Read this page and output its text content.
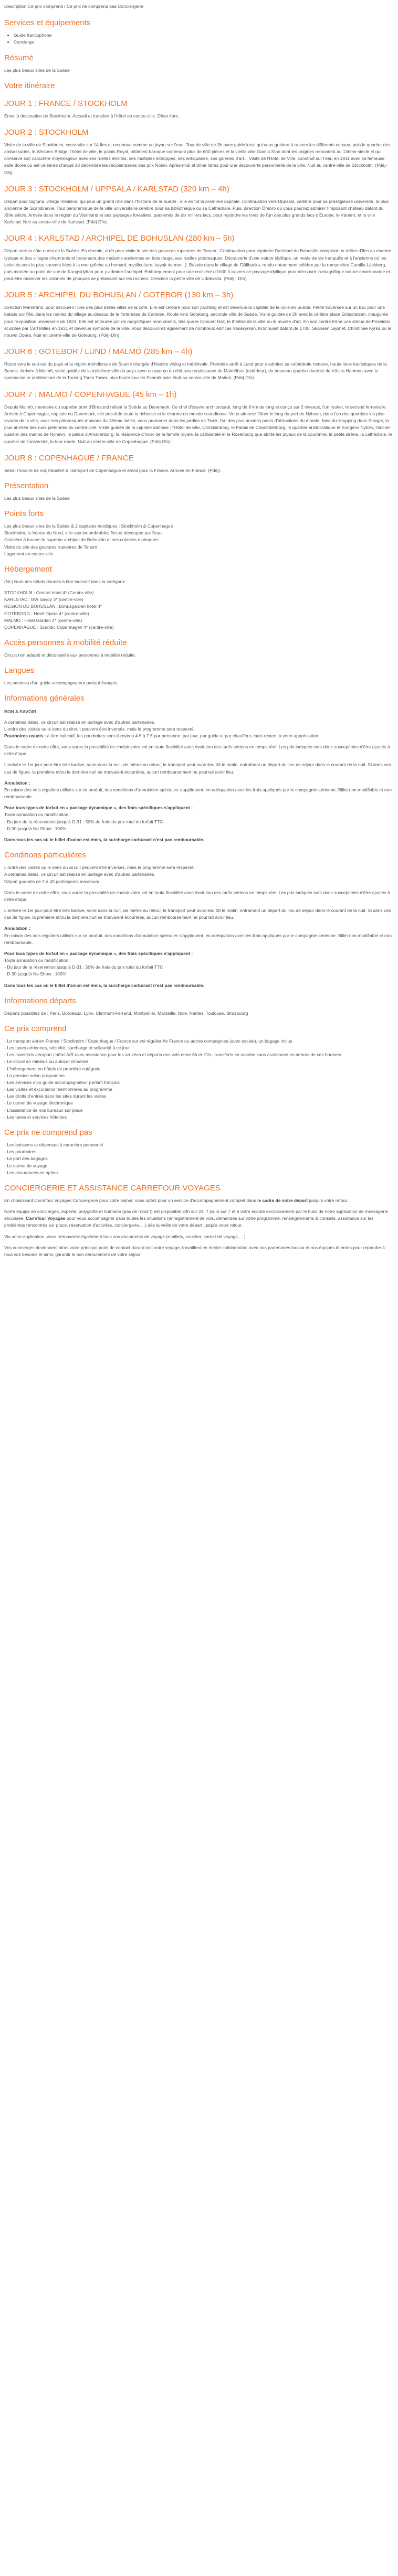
Description Ce prix comprend / Ce prix ne comprend pas Conciergerie

Services et équipements
• Guide francophone
• Concierge
Résumé

Les plus beaux sites de la Suède

Votre itinéraire
JOUR 1 : FRANCE / STOCKHOLM

Envol à destination de Stockholm. Accueil et transfert à l'hôtel en centre-ville. Dîner libre.

JOUR 2 : STOCKHOLM

Visite de la ville de Stockholm, construite sur 14 îles et reconnue comme un joyau sur l'eau. Tour de ville de 3h avec guide local qui vous guidera à travers les différents canaux, puis le quartier des ambassades, le Western Bridge, l'hôtel de ville, le palais Royal, bâtiment baroque contenant plus de 600 pièces et la vieille ville Gamla Stan dont les origines remontent au 13ème siècle et qui conserve son caractère moyenâgeux avec ses ruelles étroites, ses multiples échoppes, ses antiquaires, ses galeries d'art... Visite de l'Hôtel de Ville, construit sur l'eau en 1911 avec sa fameuse salle dorée où est célébrée chaque 10 décembre les récipiendaires des prix Nobel. Après-midi et dîner libres pour une découverte personnelle de la ville. Nuit au centre-ville de Stockholm. (Pdéj-Déj).

JOUR 3 : STOCKHOLM / UPPSALA / KARLSTAD (320 km – 4h)

Départ pour Sigtuna, village médiéval qui joua un grand rôle dans l'histoire de la Suède : elle en fut la première capitale. Continuation vers Uppsala, célèbre pour sa prestigieuse université, la plus ancienne de Scandinavie. Tour panoramique de la ville universitaire célèbre pour sa bibliothèque ou sa Cathédrale. Puis, direction Örebro où vous pourrez admirer l'imposant château datant du XIIIe siècle. Arrivée dans la région du Värmland et ses paysages forestiers, parsemés de dix milliers lacs, pour rejoindre les rives de l'un des plus grands lacs d'Europe, le Vänern, et la ville Karlstad. Nuit au centre-ville de Karlstad. (Pdéj-Dîn).

JOUR 4 : KARLSTAD / ARCHIPEL DE BOHUSLAN (280 km – 5h)

Départ vers la côte ouest de la Suède. En chemin, arrêt pour visite le site des gravures rupestres de Tanum . Continuation pour rejoindre l'archipel du Bohuslän comptant un millier d'îles au charme typique et des villages charmants et traversera des maisons anciennes en bois rouge, aux ruelles pittoresques. Découverte d'une nature idyllique, un mode de vie tranquille et à l'ancienne où les activités sont le plus souvent liées à la mer (pêche au homard, mytiliculture, kayak de mer...). Balade dans le village de Fjällbacka, rendu notamment célèbre par la romancière Camilla Läckberg, puis montée au point de vue de Kungsklyftan pour y admirer l'archipel. Embarquement pour une croisière d'1h00 à travers ce paysage idyllique pour découvrir la magnifique nature environnante et peut-être observer les colonies de phoques se prélassant sur les rochers. Direction la petite ville de Uddevalla. (Pdéj - Dîn).

JOUR 5 : ARCHIPEL DU BOHUSLAN / GOTEBOR (130 km – 3h)

Direction Marstrand, pour découvrir l'une des plus belles villes de la côte. Elle est célèbre pour son yachting et est devenue la capitale de la voile en Suède. Petite traversée sur un bac pour une balade sur l'île, dans les ruelles du village au-dessus de la forteresse de Carlsten. Route vers Göteborg, seconde ville de Suède. Visite guidée de 2h avec la célèbre place Götaplatsen, inaugurée pour l'exposition universelle de 1923. Elle est entourée par de magnifiques monuments, tels que le Concert Hall, le théâtre de la ville ou le musée d'art. En son centre trône une statue de Poséidon sculptée par Carl Milles en 1931 et devenue symbole de la ville. Vous découvrirez également de nombreux édifices Vasakyrkan, Kronhuset datant de 1700, Skansen Lejonet, Christinae Kyrka ou le nouvel Opéra. Nuit en centre-ville de Göteborg. (Pdéj-Dîn).

JOUR 6 : GOTEBOR / LUND / MALMÖ (285 km – 4h)

Route vers le sud-est du pays et la région méridionale de Scanie chargée d'histoire viking et médiévale. Première arrêt à Lund pour y admirer sa cathédrale romane, hauts-lieux touristiques de la Scanie. Arrivée à Malmö, visite guidée de la troisième ville du pays avec un aperçu du château renaissance de Malmöhus (extérieur), du nouveau quartier durable de Västra Hamnen avec le spectaculaire architecture de la Turning Torso Tower, plus haute tour de Scandinavie. Nuit au centre-ville de Malmö. (Pdéj-Dîn).

JOUR 7 : MALMO / COPENHAGUE (45 km – 1h)

Depuis Malmö, traversée du superbe pont d'Øresund reliant la Suède au Danemark. Ce chef d'œuvre architectural, long de 8 km de long et conçu sur 2 niveaux, l'un routier, le second ferroviaire. Arrivée à Copenhague, capitale du Danemark, elle possède toute la richesse et le charme du monde scandinave. Vous aimerez flâner le long du port de Nyhavn, dans l'un des quartiers les plus vivants de la ville, avec ses pittoresques maisons du 18ème siècle, vous promener dans les jardins de Tivoli, l'un des plus anciens parcs d'attractions du monde, faire du shopping dans Strøget, la plus animée des rues piétonnes du centre-ville. Visite guidée de la capitale danoise : l'Hôtel de ville, Christianborg, le Palais de Charlottenborg, le quartier aristocratique et Kongens Nytorv, l'ancien quartier des marins de Nyhavn, le palais d'Amalienborg, la résidence d'hiver de la famille royale, la cathédrale et le Rosenborg que abrite les joyaux de la couronne, la petite sirène, la cathédrale, le quartier de l'université, la tour ronde. Nuit au centre-ville de Copenhague. (Pdéj-Dîn).

JOUR 8 : COPENHAGUE / FRANCE

Selon l'horaire de vol, transfert à l'aéroport de Copenhague et envol pour la France. Arrivée en France. (Pdéj).

Présentation

Les plus beaux sites de la Suède

Points forts

Les plus beaux sites de la Suède & 2 capitales nordiques : Stockholm & Copenhague
Stockholm, la Venise du Nord, ville aux innombrables îles et découpée par l'eau
Croisière à travers le superbe archipel de Bohuslän et ses colonies e phoques
Visite du site des gravures rupestres de Tanum
Logement en centre-ville

Hébergement

(NL) Nom des hôtels donnés à titre indicatif dans la catégorie :

STOCKHOLM : Central hotel 4* (Centre-ville)
KARLSTAD : BW Savoy 3* (centre-ville)
REGION DU BOHUSLAN : Bohusgarden hotel 4*
GOTEBORG : Hotel Opera 4* (centre-ville)
MALMO : Hotel Garden 4* (centre-ville)
COPENHAGUE : Scandic Copenhagen 4* (centre-ville)

Accès personnes à mobilité réduite

Circuit non adapté et déconseillé aux personnes à mobilité réduite.

Langues

Les services d'un guide accompagnateur parlant français

Informations générales

BON A SAVOIR

A certaines dates, ce circuit est réalisé en partage avec d'autres partenaires.
L'ordre des visites ou le sens du circuit peuvent être inversés, mais le programme sera respecté.
Pourboires usuels : à titre indicatif, les pourboires sont d'environ 4 € à 7 € par personne, par jour, par guide et par chauffeur, mais restent à votre appréciation.

Dans le cadre de cette offre, vous aurez la possibilité de choisir votre vol en toute flexibilité avec évolution des tarifs aériens en temps réel. Les prix indiqués sont donc susceptibles d'être ajustés à cette étape.

L'arrivée le 1er jour peut être très tardive, voire dans la nuit, de même au retour, le transport peut avoir lieu tôt le matin, entraînant un départ du lieu de séjour dans le courant de la nuit. Si dans ces cas de figure, la première et/ou la dernière nuit se trouvaient écourtées, aucun remboursement ne pourrait avoir lieu.

Annulation :
En raison des vols réguliers utilisés sur ce produit, des conditions d'annulation spéciales s'appliquent, en adéquation avec les frais appliqués par le compagnie aérienne. Billet non modifiable et non remboursable.

Pour tous types de forfait en « package dynamique », des frais spécifiques s'appliquent :
Toute annulation ou modification :
- Du jour de la réservation jusqu'à D-31 : 50% de frais du prix total du forfait TTC
- D-30 jusqu'à No Show : 100%

Dans tous les cas où le billet d'avion est émis, la surcharge carburant n'est pas remboursable.

Conditions particulières

L'ordre des visites ou le sens du circuit peuvent être inversés, mais le programme sera respecté.
A certaines dates, ce circuit est réalisé en partage avec d'autres partenaires.
Départ garantis de 2 à 45 participants maximum

Dans le cadre de cette offre, vous aurez la possibilité de choisir votre vol en toute flexibilité avec évolution des tarifs aériens en temps réel. Les prix indiqués sont donc susceptibles d'être ajustés à cette étape.

L'arrivée le 1er jour peut être très tardive, voire dans la nuit, de même au retour, le transport peut avoir lieu tôt le matin, entraînant un départ du lieu de séjour dans le courant de la nuit. Si dans ces cas de figure, la première et/ou la dernière nuit se trouvaient écourtées, aucun remboursement ne pourrait avoir lieu.

Annulation :
En raison des vols réguliers utilisés sur ce produit, des conditions d'annulation spéciales s'appliquent, en adéquation avec les frais appliqués par le compagnie aérienne. Billet non modifiable et non remboursable.

Pour tous types de forfait en « package dynamique », des frais spécifiques s'appliquent :
Toute annulation ou modification :
- Du jour de la réservation jusqu'à D-31 : 50% de frais du prix total du forfait TTC
- D-30 jusqu'à No Show : 100%

Dans tous les cas où le billet d'avion est émis, la surcharge carburant n'est pas remboursable.

Informations départs

Départs possibles de : Paris, Bordeaux, Lyon, Clermont-Ferrand, Montpellier, Marseille, Nice, Nantes, Toulouse, Strasbourg

Ce prix comprend

- Le transport aérien France / Stockholm / Copenhague / France sur vol régulier Air France ou autres compagnies (avec escale), un bagage inclus
- Les taxes aériennes, sécurité, surcharge et solidarité à ce jour
- Les transferts aéroport / hôtel A/R avec assistance pour les arrivées et départs des vols entre 8h et 21h ; transferts en navette sans assistance en dehors de ces horaires
- Le circuit en minibus ou autocar climatisé
- L'hébergement en hôtels de première catégorie
- La pension selon programme
- Les services d'un guide accompagnateur parlant français
- Les visites et excursions mentionnées au programme
- Les droits d'entrée dans les sites durant les visites
- Le carnet de voyage électronique
- L'assistance de nos bureaux sur place
- Les taxes et services hôteliers

Ce prix ne comprend pas

- Les boissons et dépenses à caractère personnel
- Les pourboires
- Le port des bagages
- Le carnet de voyage
- Les assurances en option

CONCIERGERIE ET ASSISTANCE CARREFOUR VOYAGES

En choisissant Carrefour Voyages Conciergerie pour votre séjour, vous optez pour un service d'accompagnement complet dans le cadre de votre départ jusqu'à votre retour.

Notre équipe de concierges, experte, polyglotte et humaine (pas de robot !) est disponible 24h sur 24, 7 jours sur 7 et à votre écoute exclusivement par le biais de notre application de messagerie sécurisée, Carrefour Voyages pour vous accompagner dans toutes les situations (enregistrement de vols, demandes sur votre programme, renseignements & conseils, assistance sur les problèmes rencontrés sur place, réservation d'activités, conciergerie, ...) dès la veille de votre départ jusqu'à votre retour.

Via votre application, vous retrouverez également tous vos documents de voyage (e-billets, voucher, carnet de voyage, ...)

Vos concierges deviennent alors votre principal point de contact durant tout votre voyage, travaillent en étroite collaboration avec nos partenaires locaux et nos équipes internes pour répondre à tous vos besoins et ainsi, garantir le bon déroulement de votre séjour.
